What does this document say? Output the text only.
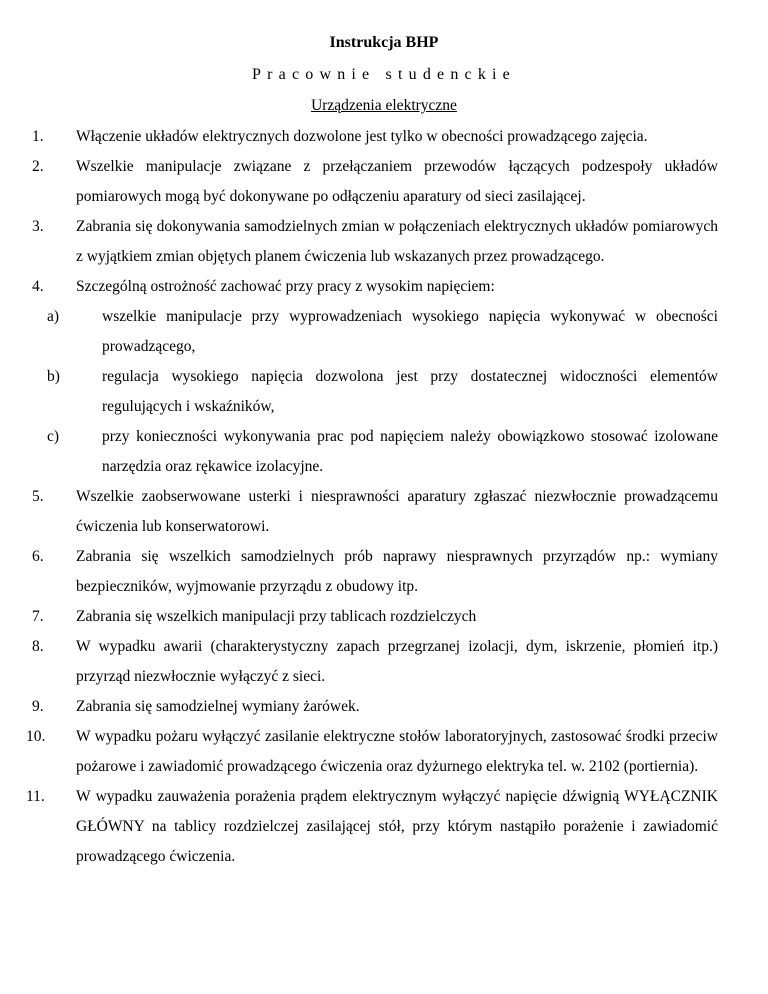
Instrukcja BHP
Pracownie studenckie
Urządzenia elektryczne
1.	Włączenie układów elektrycznych dozwolone jest tylko w obecności prowadzącego zajęcia.
2.	Wszelkie manipulacje związane z przełączaniem przewodów łączących podzespoły układów pomiarowych mogą być dokonywane po odłączeniu aparatury od sieci zasilającej.
3.	Zabrania się dokonywania samodzielnych zmian w połączeniach elektrycznych układów pomiarowych z wyjątkiem zmian objętych planem ćwiczenia lub wskazanych przez prowadzącego.
4.	Szczególną ostrożność zachować przy pracy z wysokim napięciem:
a)	wszelkie manipulacje przy wyprowadzeniach wysokiego napięcia wykonywać w obecności prowadzącego,
b)	regulacja wysokiego napięcia dozwolona jest przy dostatecznej widoczności elementów regulujących i wskaźników,
c)	przy konieczności wykonywania prac pod napięciem należy obowiązkowo stosować izolowane narzędzia oraz rękawice izolacyjne.
5.	Wszelkie zaobserwowane usterki i niesprawności aparatury zgłaszać niezwłocznie prowadzącemu ćwiczenia lub konserwatorowi.
6.	Zabrania się wszelkich samodzielnych prób naprawy niesprawnych przyrządów np.: wymiany bezpieczników, wyjmowanie przyrządu z obudowy itp.
7.	Zabrania się wszelkich manipulacji przy tablicach rozdzielczych
8.	W wypadku awarii (charakterystyczny zapach przegrzanej izolacji, dym, iskrzenie, płomień itp.) przyrząd niezwłocznie wyłączyć z sieci.
9.	Zabrania się samodzielnej wymiany żarówek.
10.	W wypadku pożaru wyłączyć zasilanie elektryczne stołów laboratoryjnych, zastosować środki przeciw pożarowe i zawiadomić prowadzącego ćwiczenia oraz dyżurnego elektryka tel. w. 2102 (portiernia).
11.	W wypadku zauważenia porażenia prądem elektrycznym wyłączyć napięcie dźwignią WYŁĄCZNIK GŁÓWNY na tablicy rozdzielczej zasilającej stół, przy którym nastąpiło porażenie i zawiadomić prowadzącego ćwiczenia.
